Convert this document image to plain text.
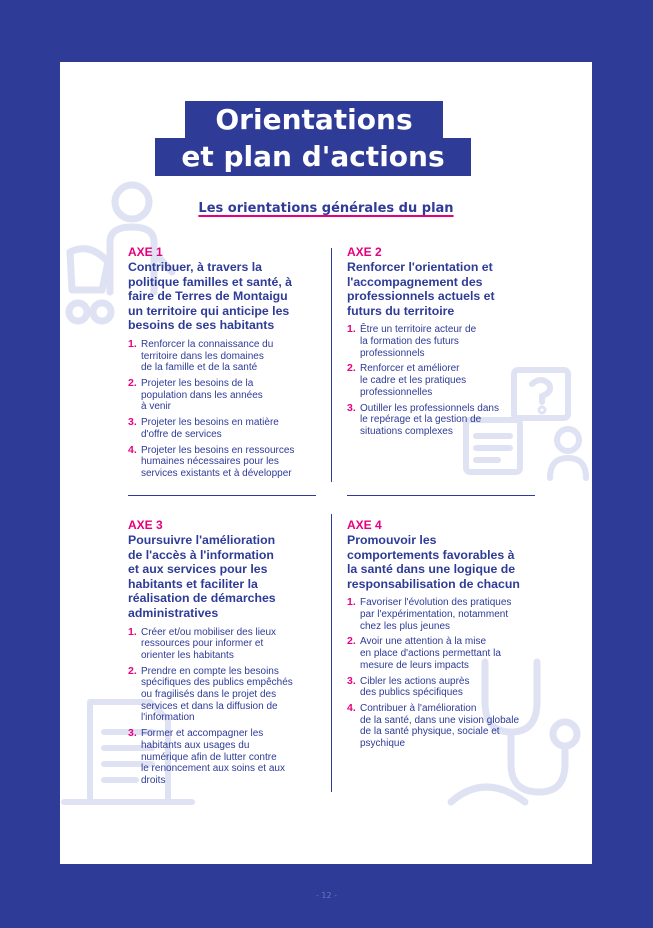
Orientations
et plan d'actions
Les orientations générales du plan
AXE 1
Contribuer, à travers la
politique familles et santé, à
faire de Terres de Montaigu
un territoire qui anticipe les
besoins de ses habitants
1. Renforcer la connaissance du
territoire dans les domaines
de la famille et de la santé
2. Projeter les besoins de la
population dans les années
à venir
3. Projeter les besoins en matière
d'offre de services
4. Projeter les besoins en ressources
humaines nécessaires pour les
services existants et à développer
AXE 2
Renforcer l'orientation et
l'accompagnement des
professionnels actuels et
futurs du territoire
1. Être un territoire acteur de
la formation des futurs
professionnels
2. Renforcer et améliorer
le cadre et les pratiques
professionnelles
3. Outiller les professionnels dans
le repérage et la gestion de
situations complexes
AXE 3
Poursuivre l'amélioration
de l'accès à l'information
et aux services pour les
habitants et faciliter la
réalisation de démarches
administratives
1. Créer et/ou mobiliser des lieux
ressources pour informer et
orienter les habitants
2. Prendre en compte les besoins
spécifiques des publics empêchés
ou fragilisés dans le projet des
services et dans la diffusion de
l'information
3. Former et accompagner les
habitants aux usages du
numérique afin de lutter contre
le renoncement aux soins et aux
droits
AXE 4
Promouvoir les
comportements favorables à
la santé dans une logique de
responsabilisation de chacun
1. Favoriser l'évolution des pratiques
par l'expérimentation, notamment
chez les plus jeunes
2. Avoir une attention à la mise
en place d'actions permettant la
mesure de leurs impacts
3. Cibler les actions auprès
des publics spécifiques
4. Contribuer à l'amélioration
de la santé, dans une vision globale
de la santé physique, sociale et
psychique
- 12 -
